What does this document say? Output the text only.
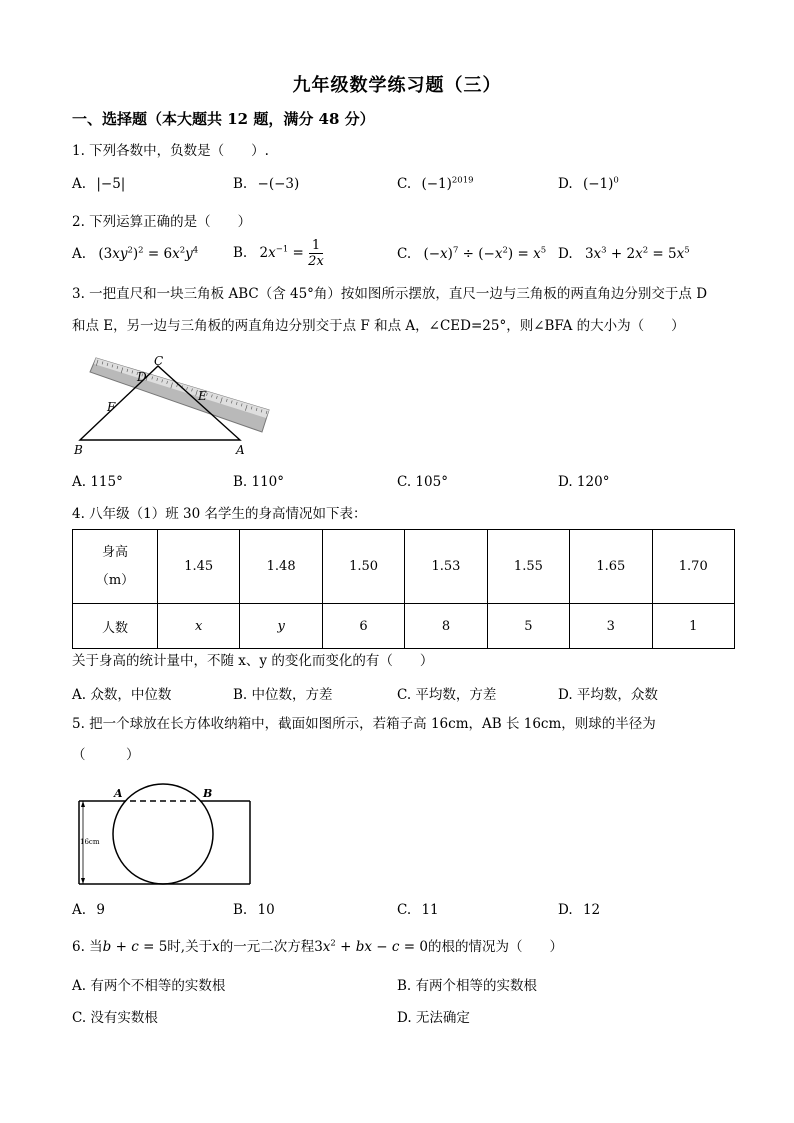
九年级数学练习题（三）
一、选择题（本大题共 12 题，满分 48 分）
1. 下列各数中，负数是（　　）.
A. |−5|	B. −(−3)	C. $(-1)^{2019}$	D. $(-1)^0$
2. 下列运算正确的是（　　）
A. $(3xy^2)^2 = 6x^2y^4$	B. $2x^{-1} = \frac{1}{2x}$	C. $(-x)^7 \div (-x^2) = x^5$ D. $3x^3 + 2x^2 = 5x^5$
3. 一把直尺和一块三角板 ABC（含 45°角）按如图所示摆放，直尺一边与三角板的两直角边分别交于点 D
和点 E，另一边与三角板的两直角边分别交于点 F 和点 A，∠CED=25°，则∠BFA 的大小为（　　）
C
D
E
F
B	A
A. 115°	B. 110°	C. 105°	D. 120°
4. 八年级（1）班 30 名学生的身高情况如下表：
身高
（m）	1.45	1.48	1.50	1.53	1.55	1.65	1.70
人数	x	y	6	8	5	3	1
关于身高的统计量中，不随 x、y 的变化而变化的有（　　）
A. 众数，中位数	B. 中位数，方差	C. 平均数，方差	D. 平均数，众数
5. 把一个球放在长方体收纳箱中，截面如图所示，若箱子高 16cm，AB 长 16cm，则球的半径为
（　　　）
16cm
A	B
A. 9	B. 10	C. 11	D. 12
6. 当b + c = 5时,关于x的一元二次方程$3x^2$ + bx − c = 0的根的情况为（　　）
A. 有两个不相等的实数根	B. 有两个相等的实数根
C. 没有实数根	D. 无法确定
